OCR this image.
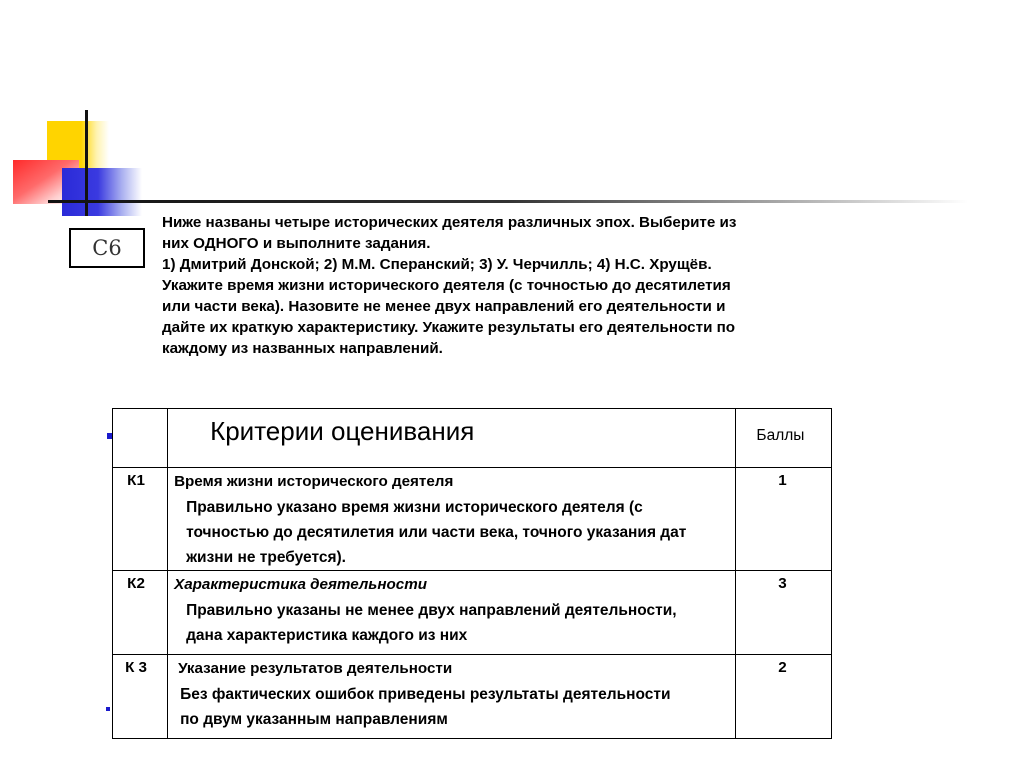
С6

Ниже названы четыре исторических деятеля различных эпох. Выберите из

них ОДНОГО и выполните задания.

1) Дмитрий Донской; 2) М.М. Сперанский; 3) У. Черчилль; 4) Н.С. Хрущёв.

Укажите время жизни исторического деятеля (с точностью до десятилетия

или части века). Назовите не менее двух направлений его деятельности и

дайте их краткую характеристику. Укажите результаты его деятельности по

каждому из названных направлений.

	Критерии оценивания	Баллы
К1	Время жизни исторического деятеля
Правильно указано время жизни исторического деятеля (с
точностью до десятилетия или части века, точного указания дат
жизни не требуется).	1
К2	Характеристика деятельности
Правильно указаны не менее двух направлений деятельности,
дана характеристика каждого из них	3
К 3	Указание результатов деятельности
Без фактических ошибок приведены результаты деятельности
по двум указанным направлениям	2
